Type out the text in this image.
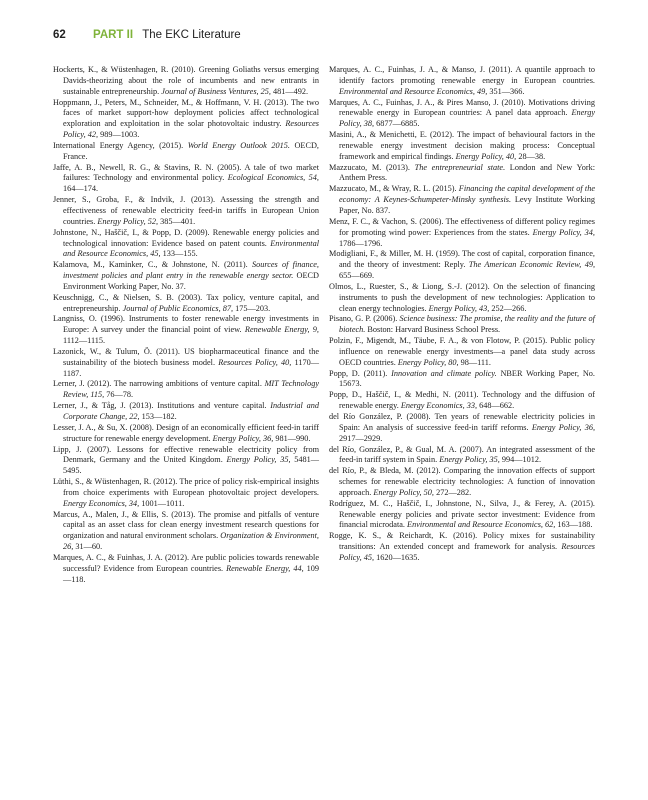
62 PART II The EKC Literature

Hockerts, K., & Wüstenhagen, R. (2010). Greening Goliaths versus emerging Davids-theorizing about the role of incumbents and new entrants in sustainable entrepreneurship. Journal of Business Ventures, 25, 481—492.

Hoppmann, J., Peters, M., Schneider, M., & Hoffmann, V. H. (2013). The two faces of market support-how deployment policies affect technological exploration and exploitation in the solar photovoltaic industry. Resources Policy, 42, 989—1003.

International Energy Agency, (2015). World Energy Outlook 2015. OECD, France.

Jaffe, A. B., Newell, R. G., & Stavins, R. N. (2005). A tale of two market failures: Technology and environmental policy. Ecological Economics, 54, 164—174.

Jenner, S., Groba, F., & Indvik, J. (2013). Assessing the strength and effectiveness of renewable electricity feed-in tariffs in European Union countries. Energy Policy, 52, 385—401.

Johnstone, N., Haščič, I., & Popp, D. (2009). Renewable energy policies and technological innovation: Evidence based on patent counts. Environmental and Resource Economics, 45, 133—155.

Kalamova, M., Kaminker, C., & Johnstone, N. (2011). Sources of finance, investment policies and plant entry in the renewable energy sector. OECD Environment Working Paper, No. 37.

Keuschnigg, C., & Nielsen, S. B. (2003). Tax policy, venture capital, and entrepreneurship. Journal of Public Economics, 87, 175—203.

Langniss, O. (1996). Instruments to foster renewable energy investments in Europe: A survey under the financial point of view. Renewable Energy, 9, 1112—1115.

Lazonick, W., & Tulum, Ö. (2011). US biopharmaceutical finance and the sustainability of the biotech business model. Resources Policy, 40, 1170—1187.

Lerner, J. (2012). The narrowing ambitions of venture capital. MIT Technology Review, 115, 76—78.

Lerner, J., & Tåg, J. (2013). Institutions and venture capital. Industrial and Corporate Change, 22, 153—182.

Lesser, J. A., & Su, X. (2008). Design of an economically efficient feed-in tariff structure for renewable energy development. Energy Policy, 36, 981—990.

Lipp, J. (2007). Lessons for effective renewable electricity policy from Denmark, Germany and the United Kingdom. Energy Policy, 35, 5481—5495.

Lüthi, S., & Wüstenhagen, R. (2012). The price of policy risk-empirical insights from choice experiments with European photovoltaic project developers. Energy Economics, 34, 1001—1011.

Marcus, A., Malen, J., & Ellis, S. (2013). The promise and pitfalls of venture capital as an asset class for clean energy investment research questions for organization and natural environment scholars. Organization & Environment, 26, 31—60.

Marques, A. C., & Fuinhas, J. A. (2012). Are public policies towards renewable successful? Evidence from European countries. Renewable Energy, 44, 109—118.

Marques, A. C., Fuinhas, J. A., & Manso, J. (2011). A quantile approach to identify factors promoting renewable energy in European countries. Environmental and Resource Economics, 49, 351—366.

Marques, A. C., Fuinhas, J. A., & Pires Manso, J. (2010). Motivations driving renewable energy in European countries: A panel data approach. Energy Policy, 38, 6877—6885.

Masini, A., & Menichetti, E. (2012). The impact of behavioural factors in the renewable energy investment decision making process: Conceptual framework and empirical findings. Energy Policy, 40, 28—38.

Mazzucato, M. (2013). The entrepreneurial state. London and New York: Anthem Press.

Mazzucato, M., & Wray, R. L. (2015). Financing the capital development of the economy: A Keynes-Schumpeter-Minsky synthesis. Levy Institute Working Paper, No. 837.

Menz, F. C., & Vachon, S. (2006). The effectiveness of different policy regimes for promoting wind power: Experiences from the states. Energy Policy, 34, 1786—1796.

Modigliani, F., & Miller, M. H. (1959). The cost of capital, corporation finance, and the theory of investment: Reply. The American Economic Review, 49, 655—669.

Olmos, L., Ruester, S., & Liong, S.-J. (2012). On the selection of financing instruments to push the development of new technologies: Application to clean energy technologies. Energy Policy, 43, 252—266.

Pisano, G. P. (2006). Science business: The promise, the reality and the future of biotech. Boston: Harvard Business School Press.

Polzin, F., Migendt, M., Täube, F. A., & von Flotow, P. (2015). Public policy influence on renewable energy investments—a panel data study across OECD countries. Energy Policy, 80, 98—111.

Popp, D. (2011). Innovation and climate policy. NBER Working Paper, No. 15673.

Popp, D., Haščič, I., & Medhi, N. (2011). Technology and the diffusion of renewable energy. Energy Economics, 33, 648—662.

del Río González, P. (2008). Ten years of renewable electricity policies in Spain: An analysis of successive feed-in tariff reforms. Energy Policy, 36, 2917—2929.

del Río, González, P., & Gual, M. A. (2007). An integrated assessment of the feed-in tariff system in Spain. Energy Policy, 35, 994—1012.

del Río, P., & Bleda, M. (2012). Comparing the innovation effects of support schemes for renewable electricity technologies: A function of innovation approach. Energy Policy, 50, 272—282.

Rodríguez, M. C., Haščič, I., Johnstone, N., Silva, J., & Ferey, A. (2015). Renewable energy policies and private sector investment: Evidence from financial microdata. Environmental and Resource Economics, 62, 163—188.

Rogge, K. S., & Reichardt, K. (2016). Policy mixes for sustainability transitions: An extended concept and framework for analysis. Resources Policy, 45, 1620—1635.
